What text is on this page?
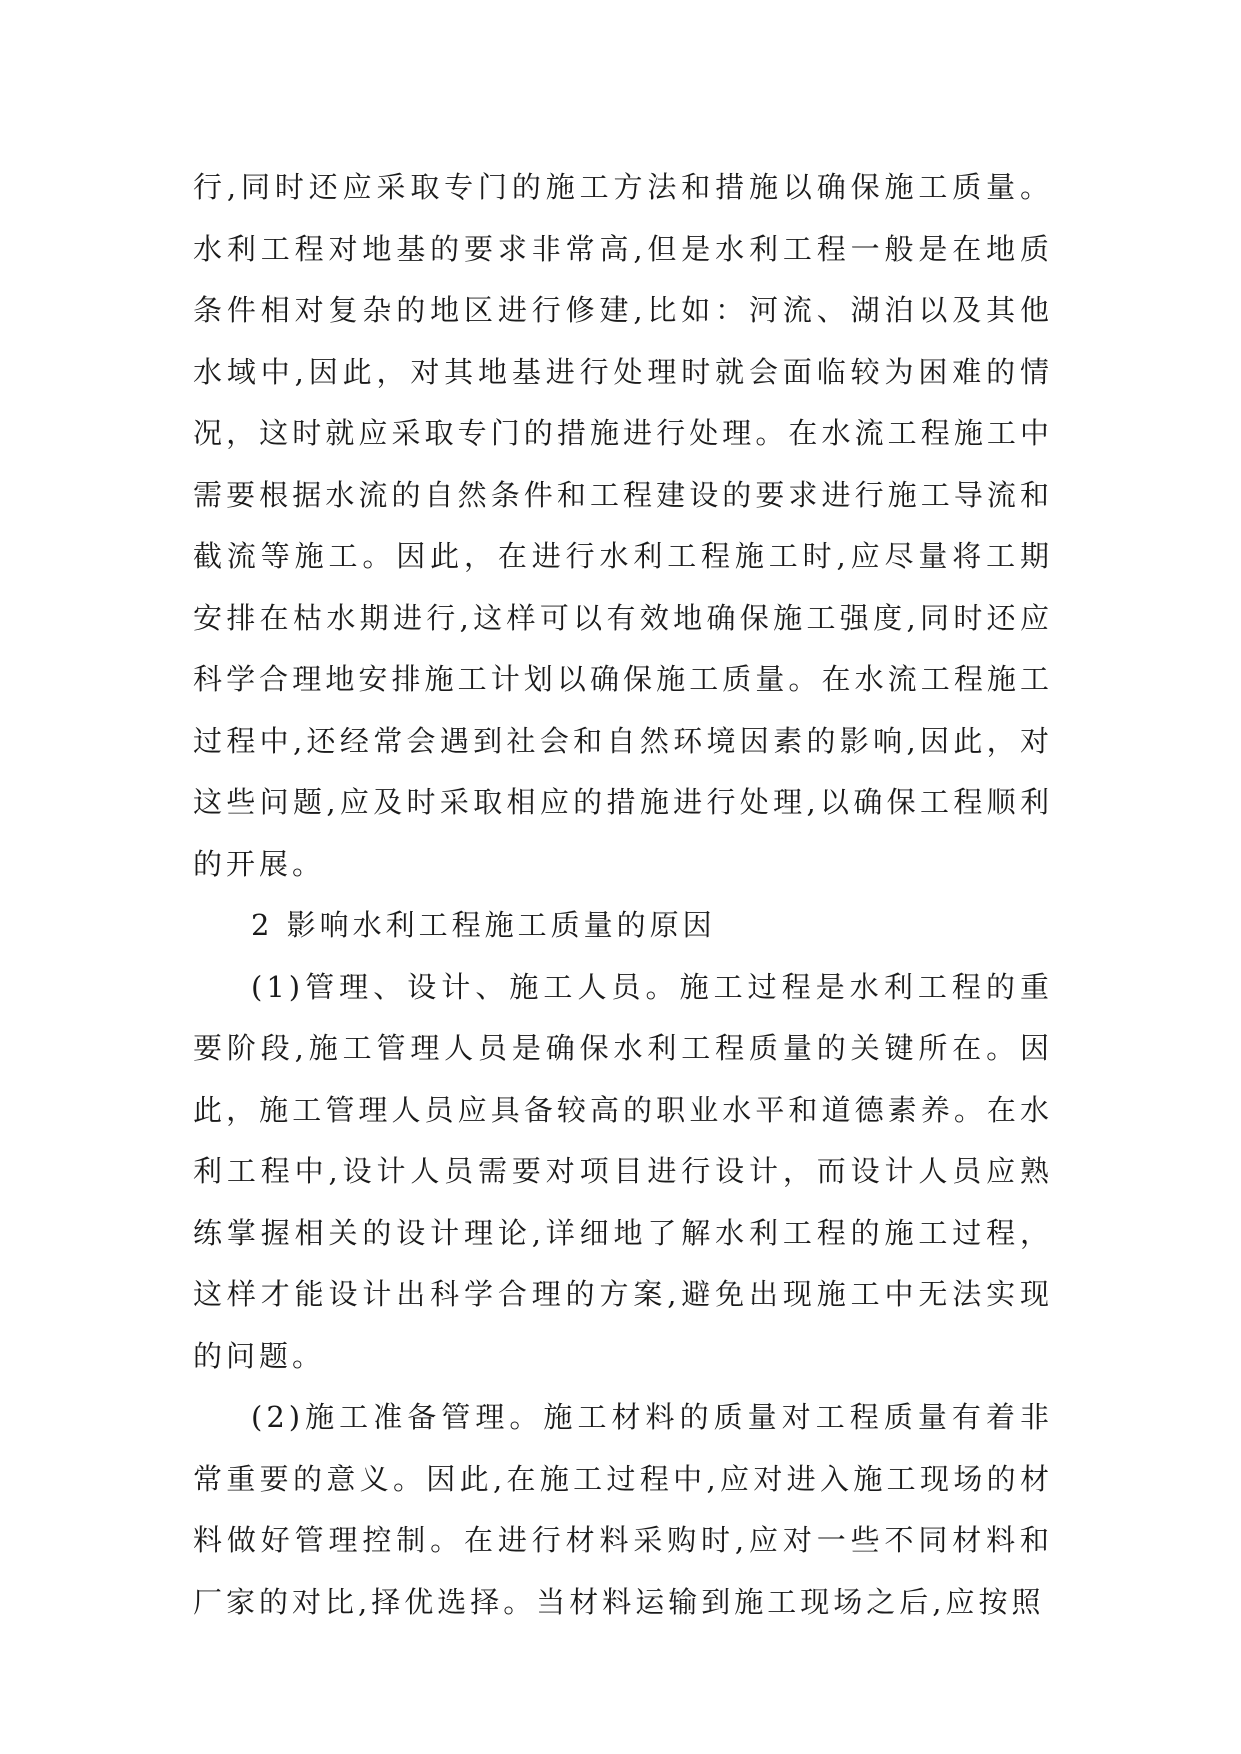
行,同时还应采取专门的施工方法和措施以确保施工质量。水利工程对地基的要求非常高,但是水利工程一般是在地质条件相对复杂的地区进行修建,比如：河流、湖泊以及其他水域中,因此，对其地基进行处理时就会面临较为困难的情况，这时就应采取专门的措施进行处理。在水流工程施工中需要根据水流的自然条件和工程建设的要求进行施工导流和截流等施工。因此，在进行水利工程施工时,应尽量将工期安排在枯水期进行,这样可以有效地确保施工强度,同时还应科学合理地安排施工计划以确保施工质量。在水流工程施工过程中,还经常会遇到社会和自然环境因素的影响,因此，对这些问题,应及时采取相应的措施进行处理,以确保工程顺利的开展。

2 影响水利工程施工质量的原因

(1)管理、设计、施工人员。施工过程是水利工程的重要阶段,施工管理人员是确保水利工程质量的关键所在。因此，施工管理人员应具备较高的职业水平和道德素养。在水利工程中,设计人员需要对项目进行设计，而设计人员应熟练掌握相关的设计理论,详细地了解水利工程的施工过程，这样才能设计出科学合理的方案,避免出现施工中无法实现的问题。

(2)施工准备管理。施工材料的质量对工程质量有着非常重要的意义。因此,在施工过程中,应对进入施工现场的材料做好管理控制。在进行材料采购时,应对一些不同材料和厂家的对比,择优选择。当材料运输到施工现场之后,应按照
